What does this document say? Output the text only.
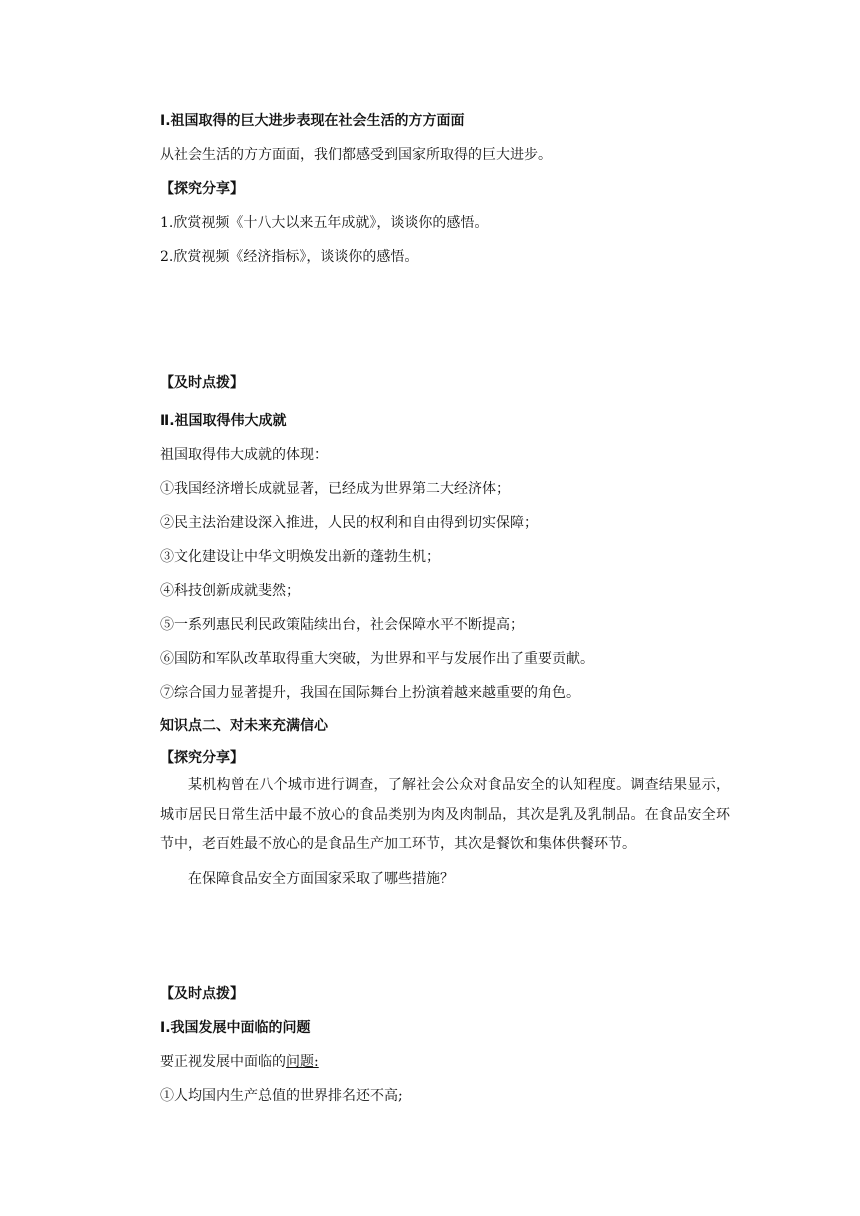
Ⅰ.祖国取得的巨大进步表现在社会生活的方方面面
从社会生活的方方面面，我们都感受到国家所取得的巨大进步。
【探究分享】
1.欣赏视频《十八大以来五年成就》，谈谈你的感悟。
2.欣赏视频《经济指标》，谈谈你的感悟。
【及时点拨】
Ⅱ.祖国取得伟大成就
祖国取得伟大成就的体现：
①我国经济增长成就显著，已经成为世界第二大经济体；
②民主法治建设深入推进，人民的权利和自由得到切实保障；
③文化建设让中华文明焕发出新的蓬勃生机；
④科技创新成就斐然；
⑤一系列惠民利民政策陆续出台，社会保障水平不断提高；
⑥国防和军队改革取得重大突破，为世界和平与发展作出了重要贡献。
⑦综合国力显著提升，我国在国际舞台上扮演着越来越重要的角色。
知识点二、对未来充满信心
【探究分享】
某机构曾在八个城市进行调查，了解社会公众对食品安全的认知程度。调查结果显示，城市居民日常生活中最不放心的食品类别为肉及肉制品，其次是乳及乳制品。在食品安全环节中，老百姓最不放心的是食品生产加工环节，其次是餐饮和集体供餐环节。
在保障食品安全方面国家采取了哪些措施？
【及时点拨】
Ⅰ.我国发展中面临的问题
要正视发展中面临的问题:
①人均国内生产总值的世界排名还不高;
